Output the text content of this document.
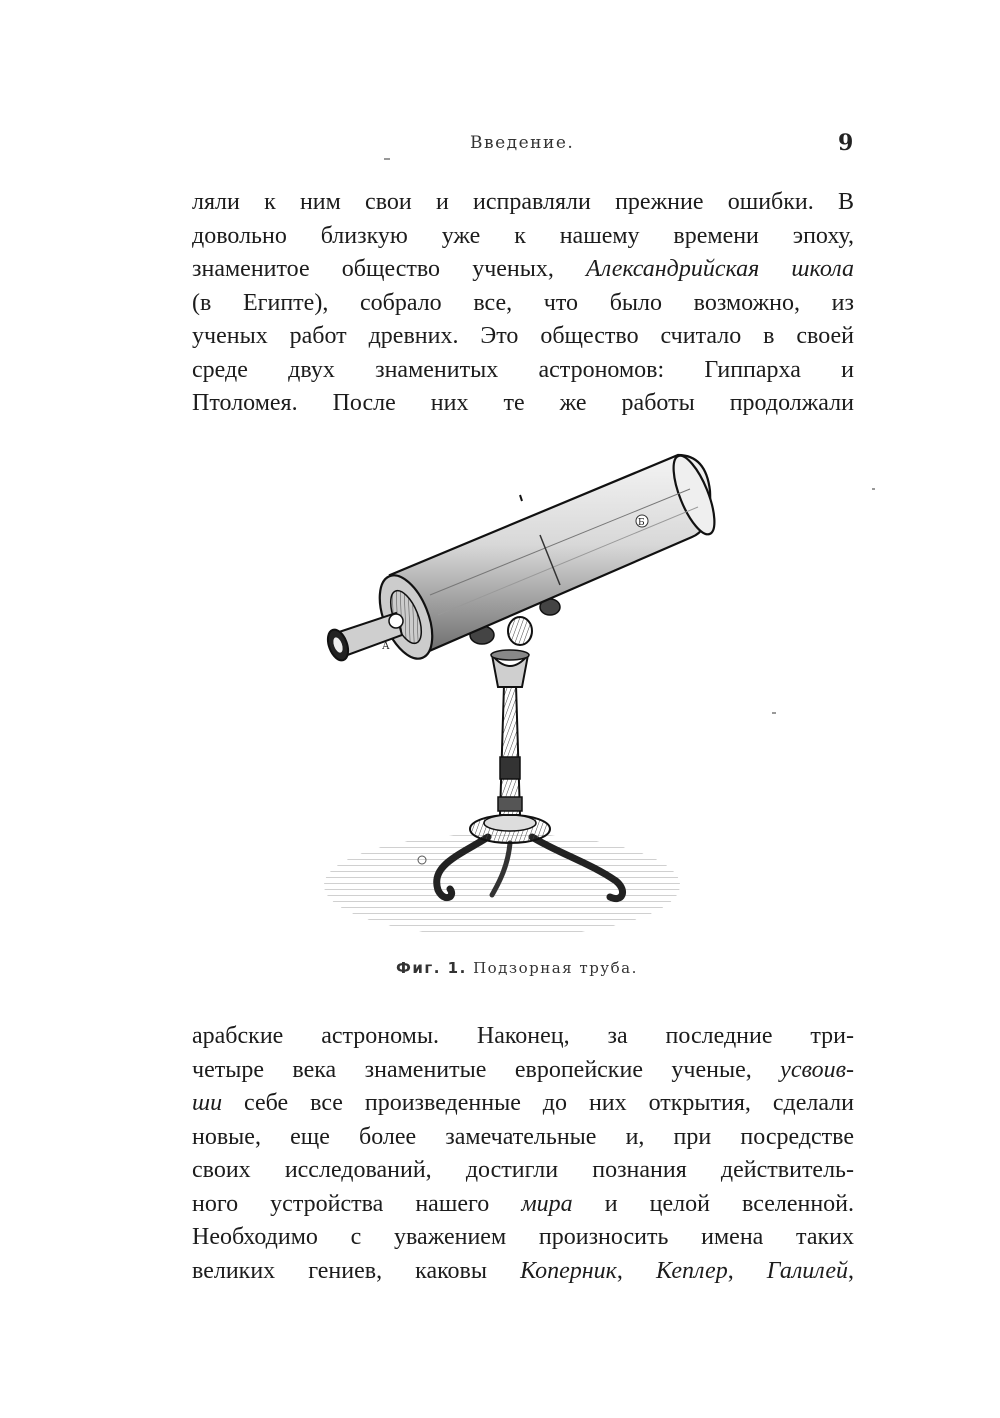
Введение.	9
ляли к ним свои и исправляли прежние ошибки. В
довольно близкую уже к нашему времени эпоху,
знаменитое общество ученых, Александрийская школа
(в Египте), собрало все, что было возможно, из
ученых работ древних. Это общество считало в своей
среде двух знаменитых астрономов: Гиппарха и
Птоломея. После них те же работы продолжали
Б
А
Фиг. 1. Подзорная труба.
арабские астрономы. Наконец, за последние три-
четыре века знаменитые европейские ученые, усвоив-
ши себе все произведенные до них открытия, сделали
новые, еще более замечательные и, при посредстве
своих исследований, достигли познания действитель-
ного устройства нашего мира и целой вселенной.
Необходимо с уважением произносить имена таких
великих гениев, каковы Коперник, Кеплер, Галилей,
